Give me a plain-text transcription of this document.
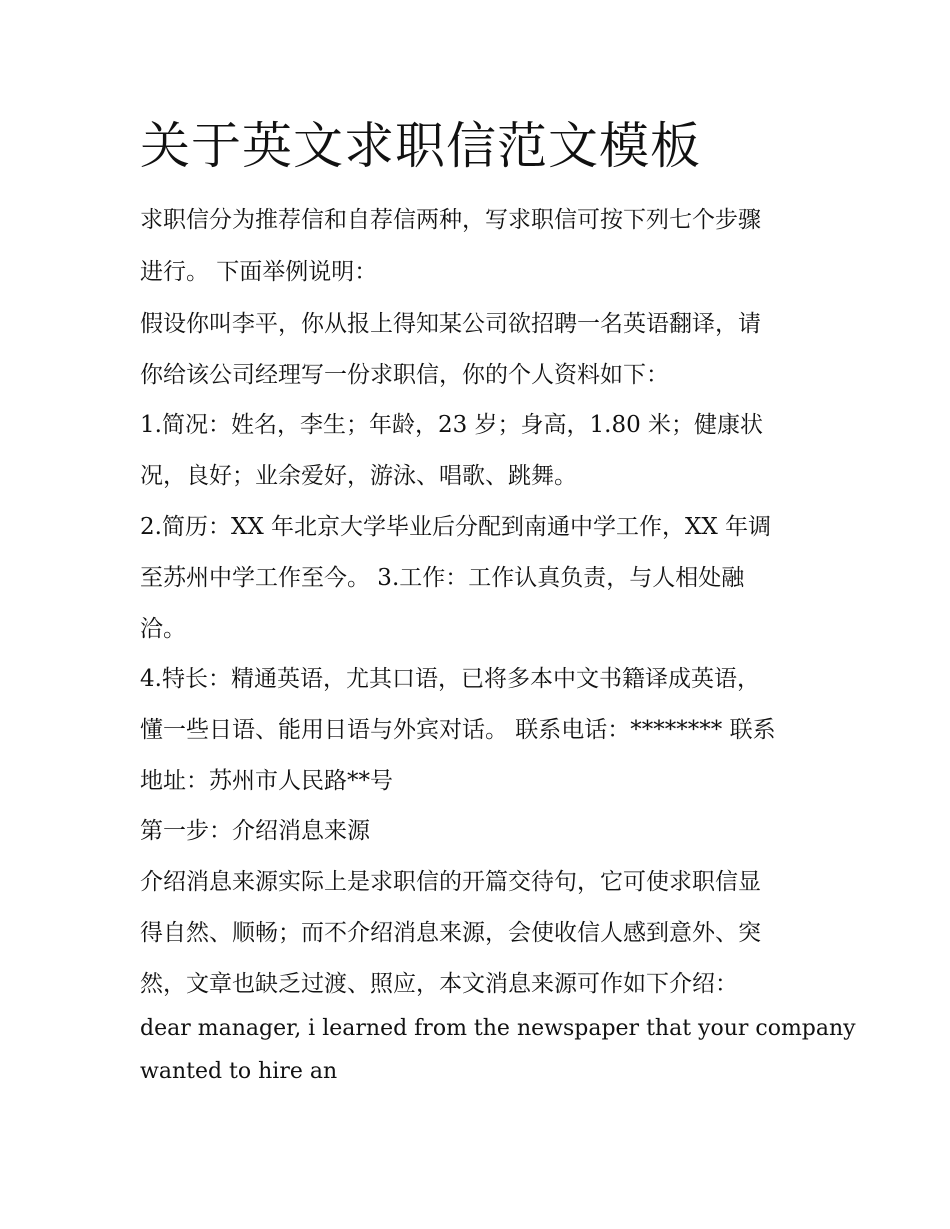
关于英文求职信范文模板

求职信分为推荐信和自荐信两种，写求职信可按下列七个步骤

进行。 下面举例说明：

假设你叫李平，你从报上得知某公司欲招聘一名英语翻译，请

你给该公司经理写一份求职信，你的个人资料如下：

1.简况：姓名，李生；年龄，23 岁；身高，1.80 米；健康状

况，良好；业余爱好，游泳、唱歌、跳舞。

2.简历：XX 年北京大学毕业后分配到南通中学工作，XX 年调

至苏州中学工作至今。 3.工作：工作认真负责，与人相处融

洽。

4.特长：精通英语，尤其口语，已将多本中文书籍译成英语，

懂一些日语、能用日语与外宾对话。 联系电话：******** 联系

地址：苏州市人民路**号

第一步：介绍消息来源

介绍消息来源实际上是求职信的开篇交待句，它可使求职信显

得自然、顺畅；而不介绍消息来源，会使收信人感到意外、突

然，文章也缺乏过渡、照应，本文消息来源可作如下介绍：

dear manager, i learned from the newspaper that your company

wanted to hire an
